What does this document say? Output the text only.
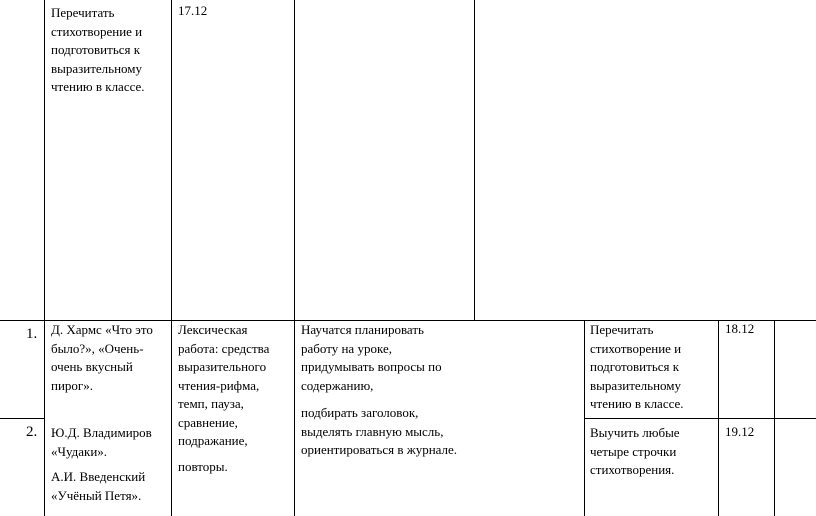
Перечитать
стихотворение и
подготовиться к
выразительному
чтению в классе.

17.12

1. Д. Хармс «Что это
было?», «Очень-
очень вкусный
пирог».

Лексическая
работа: средства
выразительного
чтения-рифма,
темп, пауза,
сравнение,
подражание,

повторы.

Научатся планировать
работу на уроке,
придумывать вопросы по
содержанию,

подбирать заголовок,
выделять главную мысль,
ориентироваться в журнале.

Перечитать
стихотворение и
подготовиться к
выразительному
чтению в классе.

18.12

2. Ю.Д. Владимиров
«Чудаки».

А.И. Введенский
«Учёный Петя».

Выучить любые
четыре строчки
стихотворения.

19.12
